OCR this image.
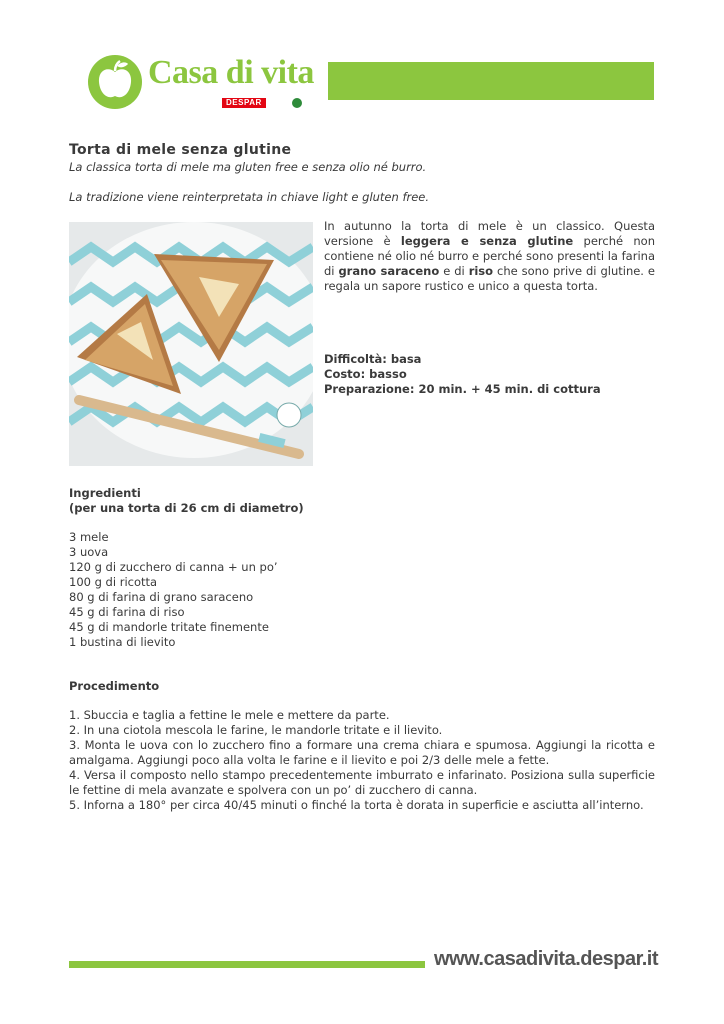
Casa di vita
DESPAR
Torta di mele senza glutine

La classica torta di mele ma gluten free e senza olio né burro.

La tradizione viene reinterpretata in chiave light e gluten free.

In autunno la torta di mele è un classico. Questa versione è leggera e senza glutine perché non contiene né olio né burro e perché sono presenti la farina di grano saraceno e di riso che sono prive di glutine. e regala un sapore rustico e unico a questa torta.

Difficoltà: basa
Costo: basso
Preparazione: 20 min. + 45 min. di cottura
Ingredienti
(per una torta di 26 cm di diametro)
3 mele
3 uova
120 g di zucchero di canna + un po’
100 g di ricotta
80 g di farina di grano saraceno
45 g di farina di riso
45 g di mandorle tritate finemente
1 bustina di lievito
Procedimento
1. Sbuccia e taglia a fettine le mele e mettere da parte.
2. In una ciotola mescola le farine, le mandorle tritate e il lievito.
3. Monta le uova con lo zucchero fino a formare una crema chiara e spumosa. Aggiungi la ricotta e amalgama. Aggiungi poco alla volta le farine e il lievito e poi 2/3 delle mele a fette.
4. Versa il composto nello stampo precedentemente imburrato e infarinato. Posiziona sulla superficie le fettine di mela avanzate e spolvera con un po’ di zucchero di canna.
5. Inforna a 180° per circa 40/45 minuti o finché la torta è dorata in superficie e asciutta all’interno.
www.casadivita.despar.it
